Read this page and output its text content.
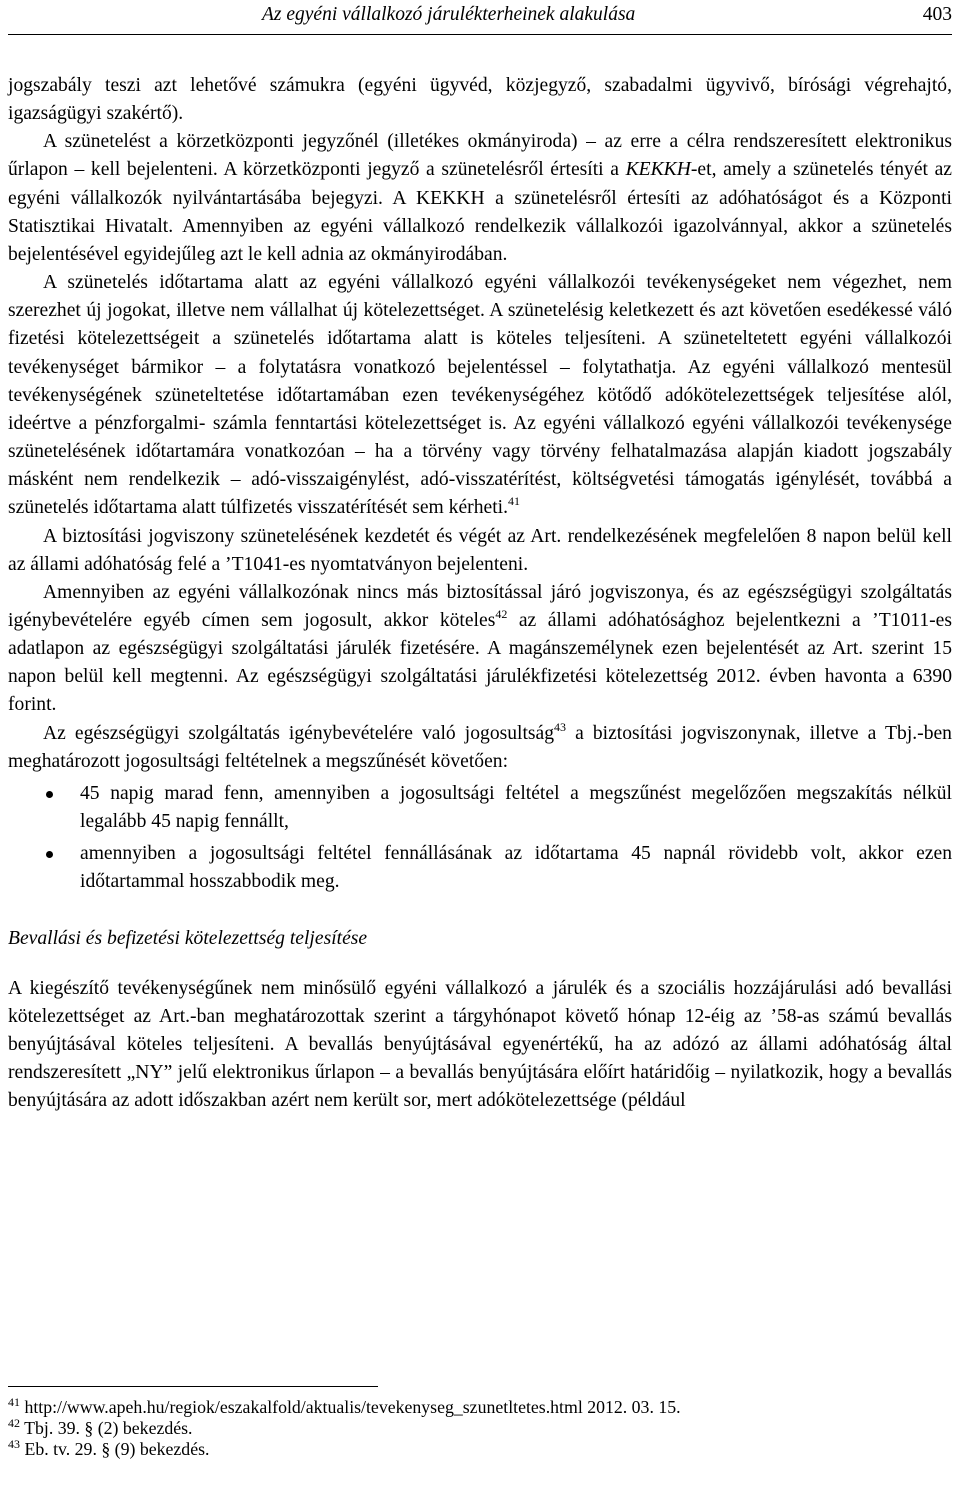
Az egyéni vállalkozó járulékterheinek alakulása	403

jogszabály teszi azt lehetővé számukra (egyéni ügyvéd, közjegyző, szabadalmi ügyvivő, bírósági végrehajtó, igazságügyi szakértő).

A szünetelést a körzetközponti jegyzőnél (illetékes okmányiroda) – az erre a célra rendszeresített elektronikus űrlapon – kell bejelenteni. A körzetközponti jegyző a szünetelésről értesíti a KEKKH-et, amely a szünetelés tényét az egyéni vállalkozók nyilvántartásába bejegyzi. A KEKKH a szünetelésről értesíti az adóhatóságot és a Központi Statisztikai Hivatalt. Amennyiben az egyéni vállalkozó rendelkezik vállalkozói igazolvánnyal, akkor a szünetelés bejelentésével egyidejűleg azt le kell adnia az okmányirodában.

A szünetelés időtartama alatt az egyéni vállalkozó egyéni vállalkozói tevékenységeket nem végezhet, nem szerezhet új jogokat, illetve nem vállalhat új kötelezettséget. A szünetelésig keletkezett és azt követően esedékessé váló fizetési kötelezettségeit a szünetelés időtartama alatt is köteles teljesíteni. A szüneteltetett egyéni vállalkozói tevékenységet bármikor – a folytatásra vonatkozó bejelentéssel – folytathatja. Az egyéni vállalkozó mentesül tevékenységének szüneteltetése időtartamában ezen tevékenységéhez kötődő adókötelezettségek teljesítése alól, ideértve a pénzforgalmi- számla fenntartási kötelezettséget is. Az egyéni vállalkozó egyéni vállalkozói tevékenysége szünetelésének időtartamára vonatkozóan – ha a törvény vagy törvény felhatalmazása alapján kiadott jogszabály másként nem rendelkezik – adó-visszaigénylést, adó-visszatérítést, költségvetési támogatás igénylését, továbbá a szünetelés időtartama alatt túlfizetés visszatérítését sem kérheti.$^{41}$

A biztosítási jogviszony szünetelésének kezdetét és végét az Art. rendelkezésének megfelelően 8 napon belül kell az állami adóhatóság felé a ’T1041-es nyomtatványon bejelenteni.

Amennyiben az egyéni vállalkozónak nincs más biztosítással járó jogviszonya, és az egészségügyi szolgáltatás igénybevételére egyéb címen sem jogosult, akkor köteles$^{42}$ az állami adóhatósághoz bejelentkezni a ’T1011-es adatlapon az egészségügyi szolgáltatási járulék fizetésére. A magánszemélynek ezen bejelentését az Art. szerint 15 napon belül kell megtenni. Az egészségügyi szolgáltatási járulékfizetési kötelezettség 2012. évben havonta a 6390 forint.

Az egészségügyi szolgáltatás igénybevételére való jogosultság$^{43}$ a biztosítási jogviszonynak, illetve a Tbj.-ben meghatározott jogosultsági feltételnek a megszűnését követően:

45 napig marad fenn, amennyiben a jogosultsági feltétel a megszűnést megelőzően megszakítás nélkül legalább 45 napig fennállt,
amennyiben a jogosultsági feltétel fennállásának az időtartama 45 napnál rövidebb volt, akkor ezen időtartammal hosszabbodik meg.
Bevallási és befizetési kötelezettség teljesítése

A kiegészítő tevékenységűnek nem minősülő egyéni vállalkozó a járulék és a szociális hozzájárulási adó bevallási kötelezettséget az Art.-ban meghatározottak szerint a tárgyhónapot követő hónap 12-éig az ’58-as számú bevallás benyújtásával köteles teljesíteni. A bevallás benyújtásával egyenértékű, ha az adózó az állami adóhatóság által rendszeresített „NY” jelű elektronikus űrlapon – a bevallás benyújtására előírt határidőig – nyilatkozik, hogy a bevallás benyújtására az adott időszakban azért nem került sor, mert adókötelezettsége (például

$^{41}$ http://www.apeh.hu/regiok/eszakalfold/aktualis/tevekenyseg_szunetltetes.html 2012. 03. 15.
$^{42}$ Tbj. 39. § (2) bekezdés.
$^{43}$ Eb. tv. 29. § (9) bekezdés.
